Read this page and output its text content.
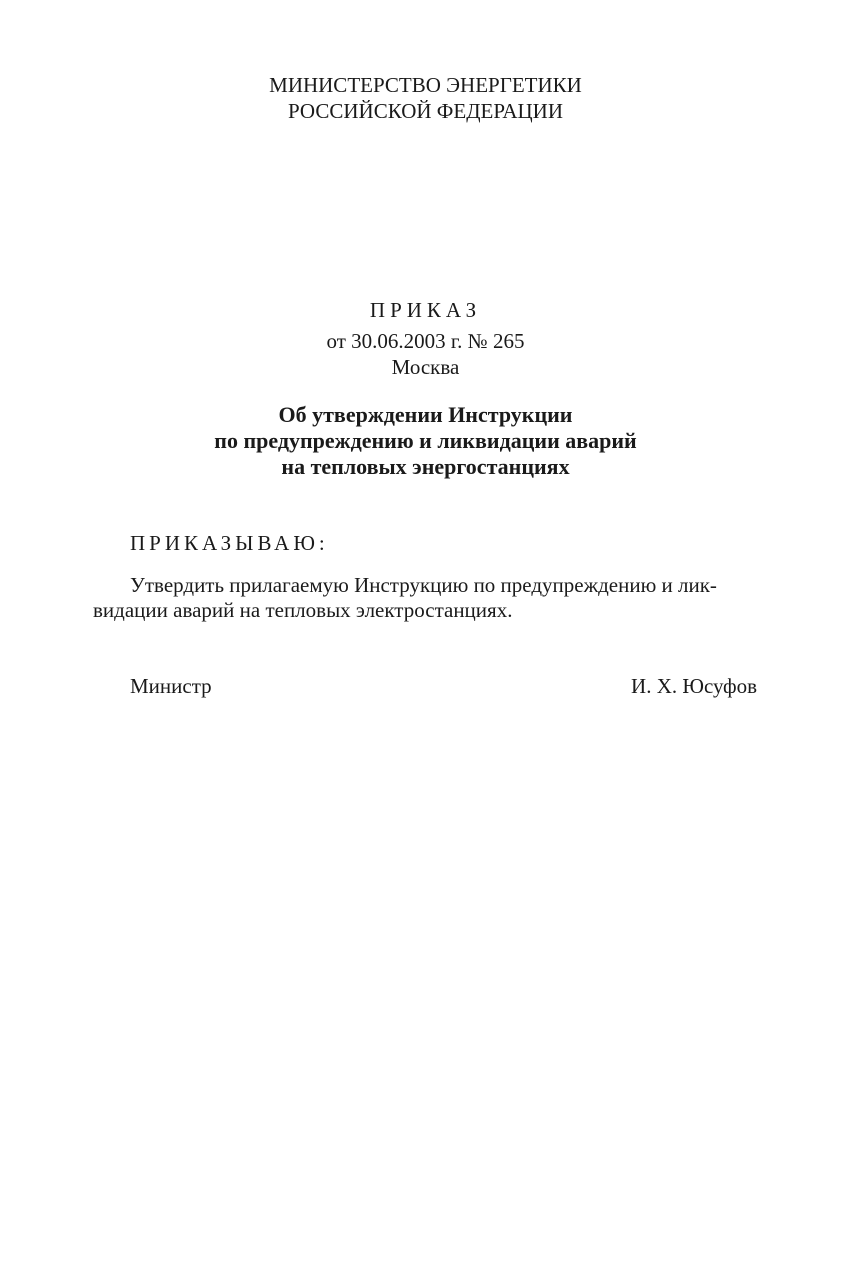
МИНИСТЕРСТВО ЭНЕРГЕТИКИ
РОССИЙСКОЙ ФЕДЕРАЦИИ
ПРИКАЗ
от 30.06.2003 г. № 265
Москва
Об утверждении Инструкции
по предупреждению и ликвидации аварий
на тепловых энергостанциях
ПРИКАЗЫВАЮ:
Утвердить прилагаемую Инструкцию по предупреждению и лик-
видации аварий на тепловых электростанциях.
Министр	И. Х. Юсуфов
